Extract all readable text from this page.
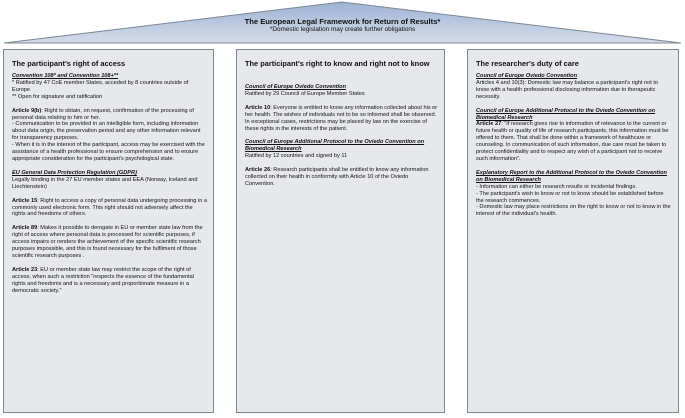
The European Legal Framework for Return of Results*
*Domestic legislation may create further obligations
The participant's right of access
Convention 108* and Convention 108+**
* Ratified by 47 CoE member States, acceded by 8 countries outside of Europe
** Open for signature and ratification
Article 9(b): Right to obtain, on request, confirmation of the processing of personal data relating to him or her.
- Communication to be provided in an intelligible form, including information about data origin, the preservation period and any other information relevant for transparency purposes.
- When it is in the interest of the participant, access may be exercised with the assistance of a health professional to ensure comprehension and to ensure appropriate consideration for the participant's psychological state.
EU General Data Protection Regulation (GDPR)
Legally binding in the 27 EU member states and EEA (Norway, Iceland and Liechtenstein)
Article 15: Right to access a copy of personal data undergoing processing in a commonly used electronic form. This right should not adversely affect the rights and freedoms of others.
Article 89: Makes it possible to derogate in EU or member state law from the right of access where personal data is processed for scientific purposes, if access impairs or renders the achievement of the specific scientific research purposes impossible, and this is found necessary for the fulfilment of those scientific research purposes .
Article 23: EU or member state law may restrict the scope of the right of access, when such a restriction "respects the essence of the fundamental rights and freedoms and is a necessary and proportionate measure in a democratic society."
The participant's right to know and right not to know
Council of Europe Oviedo Convention
Ratified by 29 Council of Europe Member States
Article 10: Everyone is entitled to know any information collected about his or her health. The wishes of individuals not to be so informed shall be observed. In exceptional cases, restrictions may be placed by law on the exercise of these rights in the interests of the patient.
Council of Europe Additional Protocol to the Oviedo Convention on Biomedical Research
Ratified by 12 countries and signed by 11
Article 26: Research participants shall be entitled to know any information collected on their health in conformity with Article 10 of the Oviedo Convention.
The researcher's duty of care
Council of Europe Oviedo Convention
Articles 4 and 10(3): Domestic law may balance a participant's right not to know with a health professional disclosing information due to therapeutic necessity.
Council of Europe Additional Protocol to the Oviedo Convention on Biomedical Research
Article 27: "If research gives rise to information of relevance to the current or future health or quality of life of research participants, this information must be offered to them. That shall be done within a framework of healthcare or counseling. In communication of such information, due care must be taken to protect confidentiality and to respect any wish of a participant not to receive such information".
Explanatory Report to the Additional Protocol to the Oviedo Convention on Biomedical Research
- Information can either be research results or incidental findings.
- The participant's wish to know or not to know should be established before the research commences.
- Domestic law may place restrictions on the right to know or not to know in the interest of the individual's health.
